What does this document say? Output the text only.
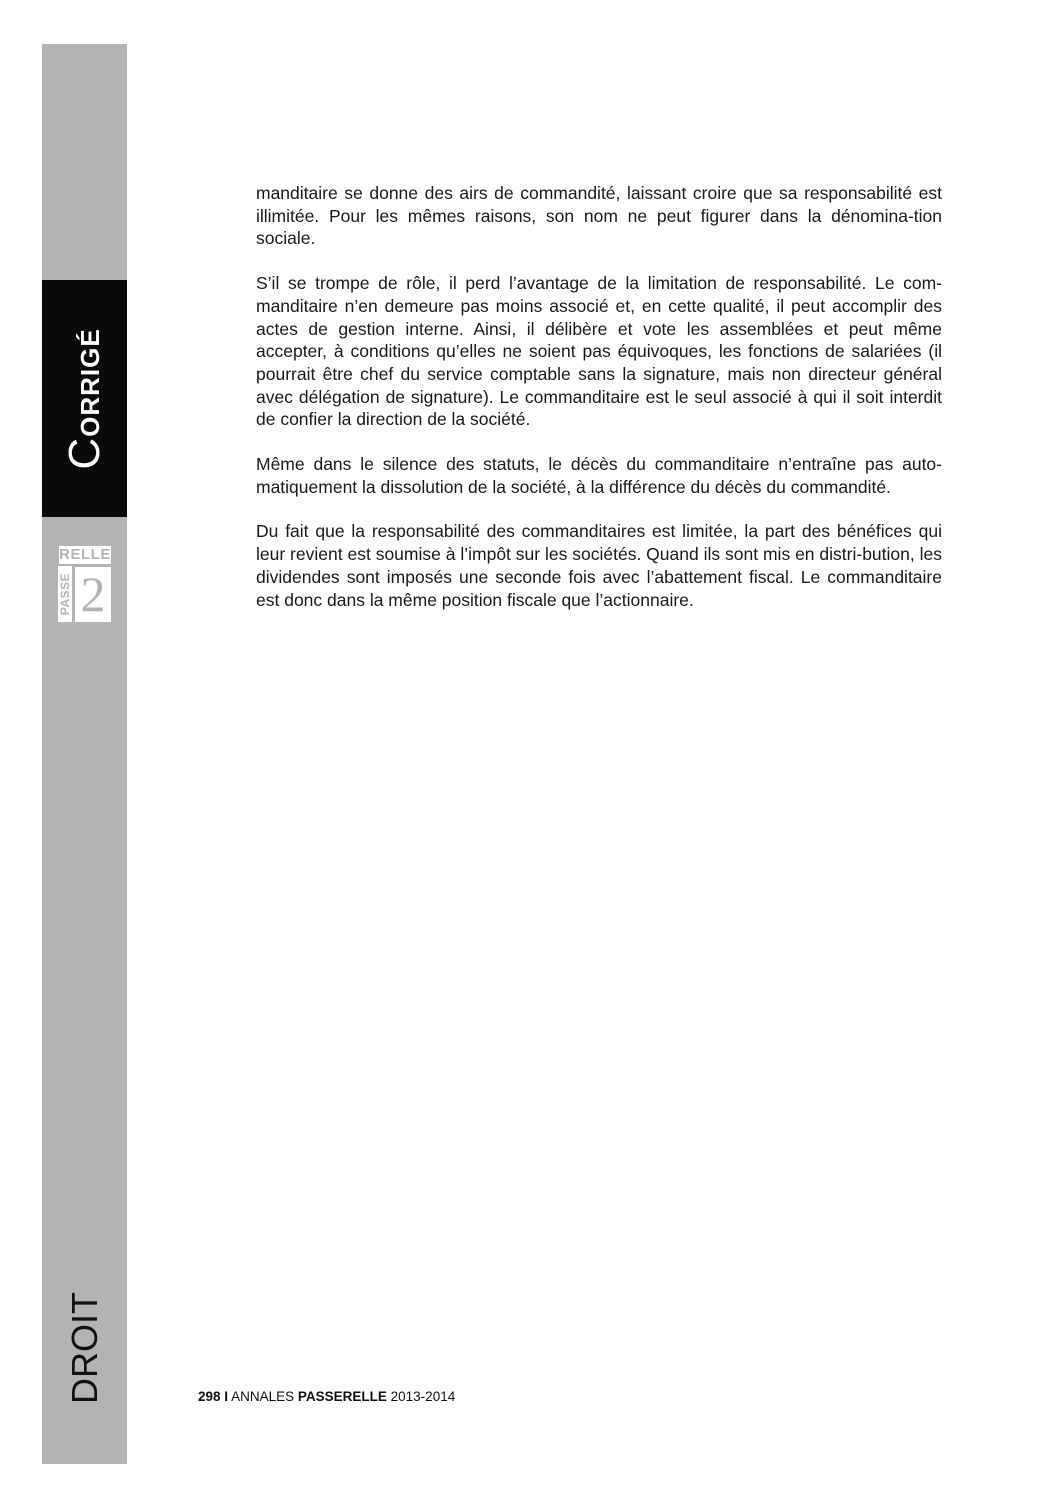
CORRIGÉ
RELLE
PASSE 2
DROIT

manditaire se donne des airs de commandité, laissant croire que sa responsabilité est illimitée. Pour les mêmes raisons, son nom ne peut figurer dans la dénomina-tion sociale.

S’il se trompe de rôle, il perd l’avantage de la limitation de responsabilité. Le com-manditaire n’en demeure pas moins associé et, en cette qualité, il peut accomplir des actes de gestion interne. Ainsi, il délibère et vote les assemblées et peut même accepter, à conditions qu’elles ne soient pas équivoques, les fonctions de salariées (il pourrait être chef du service comptable sans la signature, mais non directeur général avec délégation de signature). Le commanditaire est le seul associé à qui il soit interdit de confier la direction de la société.

Même dans le silence des statuts, le décès du commanditaire n’entraîne pas auto-matiquement la dissolution de la société, à la différence du décès du commandité.

Du fait que la responsabilité des commanditaires est limitée, la part des bénéfices qui leur revient est soumise à l’impôt sur les sociétés. Quand ils sont mis en distri-bution, les dividendes sont imposés une seconde fois avec l’abattement fiscal. Le commanditaire est donc dans la même position fiscale que l’actionnaire.

298 I ANNALES PASSERELLE 2013-2014
